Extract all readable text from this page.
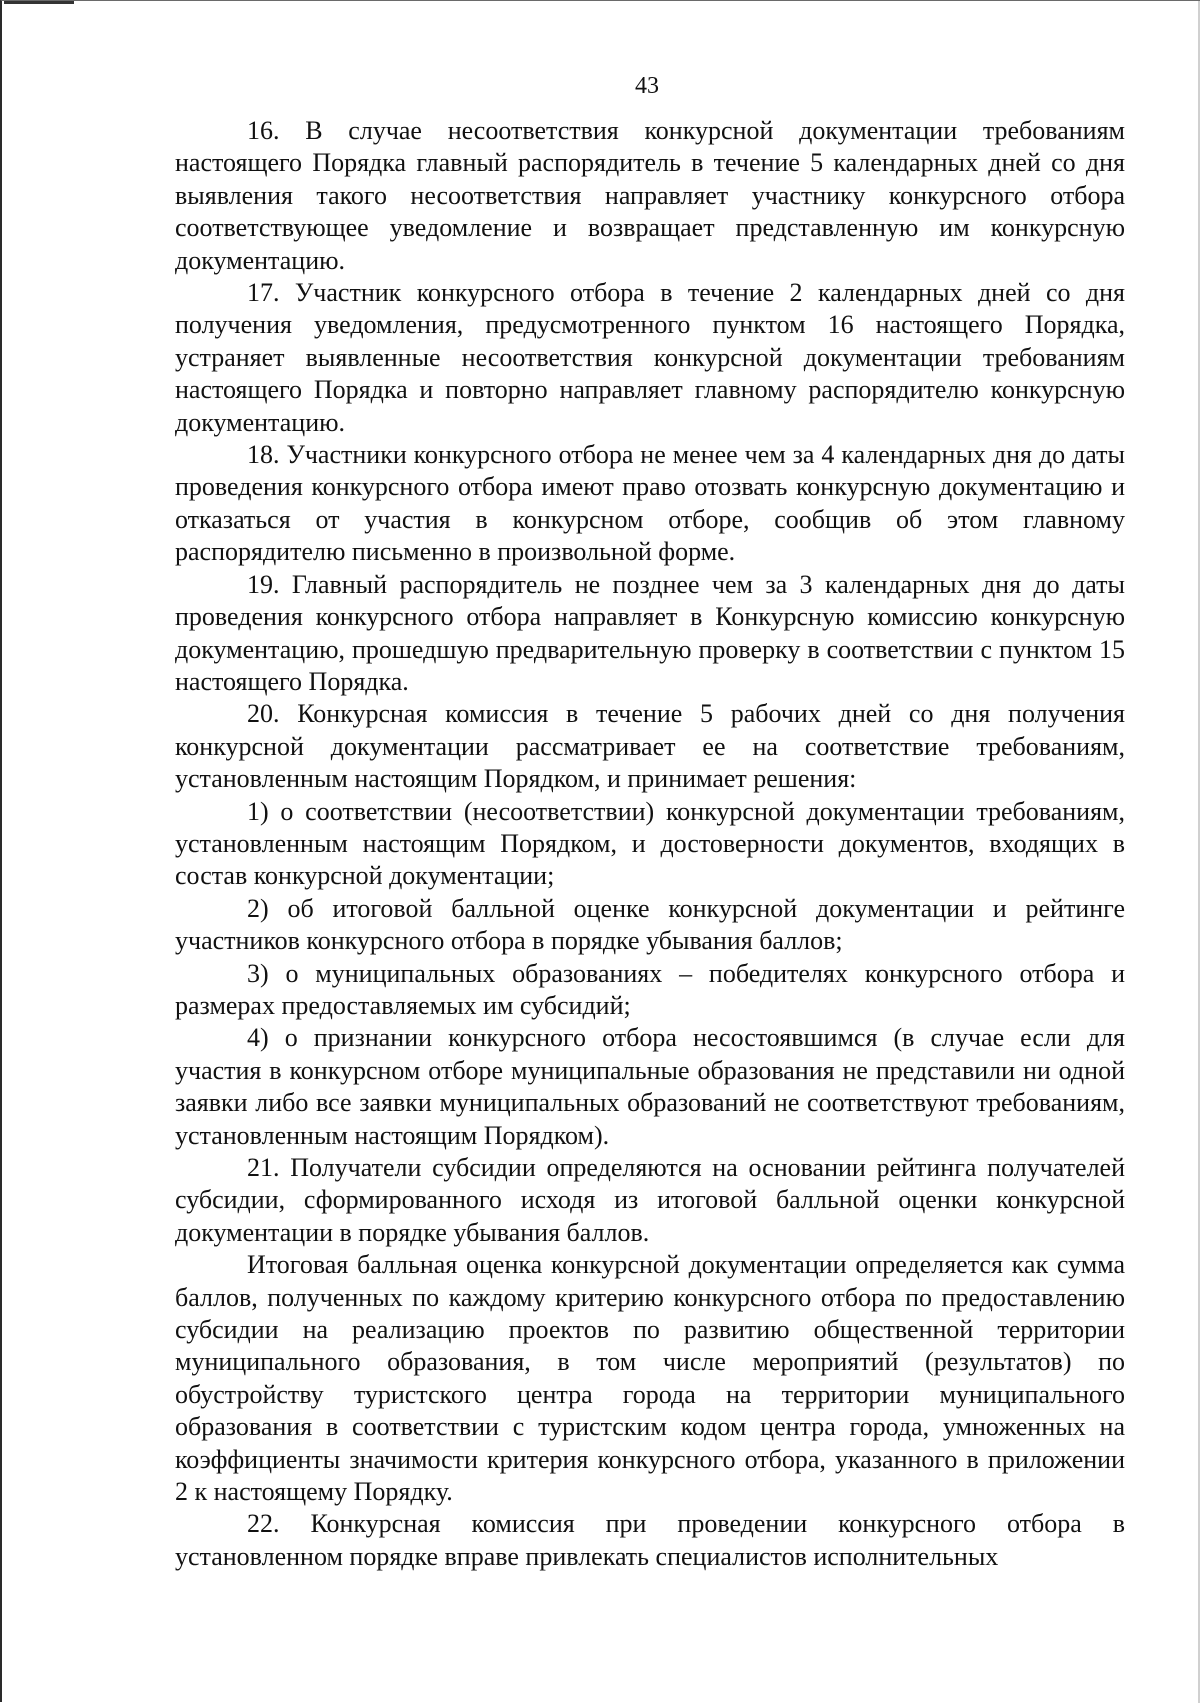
43

16. В случае несоответствия конкурсной документации требованиям настоящего Порядка главный распорядитель в течение 5 календарных дней со дня выявления такого несоответствия направляет участнику конкурсного отбора соответствующее уведомление и возвращает представленную им конкурсную документацию.

17. Участник конкурсного отбора в течение 2 календарных дней со дня получения уведомления, предусмотренного пунктом 16 настоящего Порядка, устраняет выявленные несоответствия конкурсной документации требованиям настоящего Порядка и повторно направляет главному распорядителю конкурсную документацию.

18. Участники конкурсного отбора не менее чем за 4 календарных дня до даты проведения конкурсного отбора имеют право отозвать конкурсную документацию и отказаться от участия в конкурсном отборе, сообщив об этом главному распорядителю письменно в произвольной форме.

19. Главный распорядитель не позднее чем за 3 календарных дня до даты проведения конкурсного отбора направляет в Конкурсную комиссию конкурсную документацию, прошедшую предварительную проверку в соответствии с пунктом 15 настоящего Порядка.

20. Конкурсная комиссия в течение 5 рабочих дней со дня получения конкурсной документации рассматривает ее на соответствие требованиям, установленным настоящим Порядком, и принимает решения:

1) о соответствии (несоответствии) конкурсной документации требованиям, установленным настоящим Порядком, и достоверности документов, входящих в состав конкурсной документации;

2) об итоговой балльной оценке конкурсной документации и рейтинге участников конкурсного отбора в порядке убывания баллов;

3) о муниципальных образованиях – победителях конкурсного отбора и размерах предоставляемых им субсидий;

4) о признании конкурсного отбора несостоявшимся (в случае если для участия в конкурсном отборе муниципальные образования не представили ни одной заявки либо все заявки муниципальных образований не соответствуют требованиям, установленным настоящим Порядком).

21. Получатели субсидии определяются на основании рейтинга получателей субсидии, сформированного исходя из итоговой балльной оценки конкурсной документации в порядке убывания баллов.

Итоговая балльная оценка конкурсной документации определяется как сумма баллов, полученных по каждому критерию конкурсного отбора по предоставлению субсидии на реализацию проектов по развитию общественной территории муниципального образования, в том числе мероприятий (результатов) по обустройству туристского центра города на территории муниципального образования в соответствии с туристским кодом центра города, умноженных на коэффициенты значимости критерия конкурсного отбора, указанного в приложении 2 к настоящему Порядку.

22. Конкурсная комиссия при проведении конкурсного отбора в установленном порядке вправе привлекать специалистов исполнительных
